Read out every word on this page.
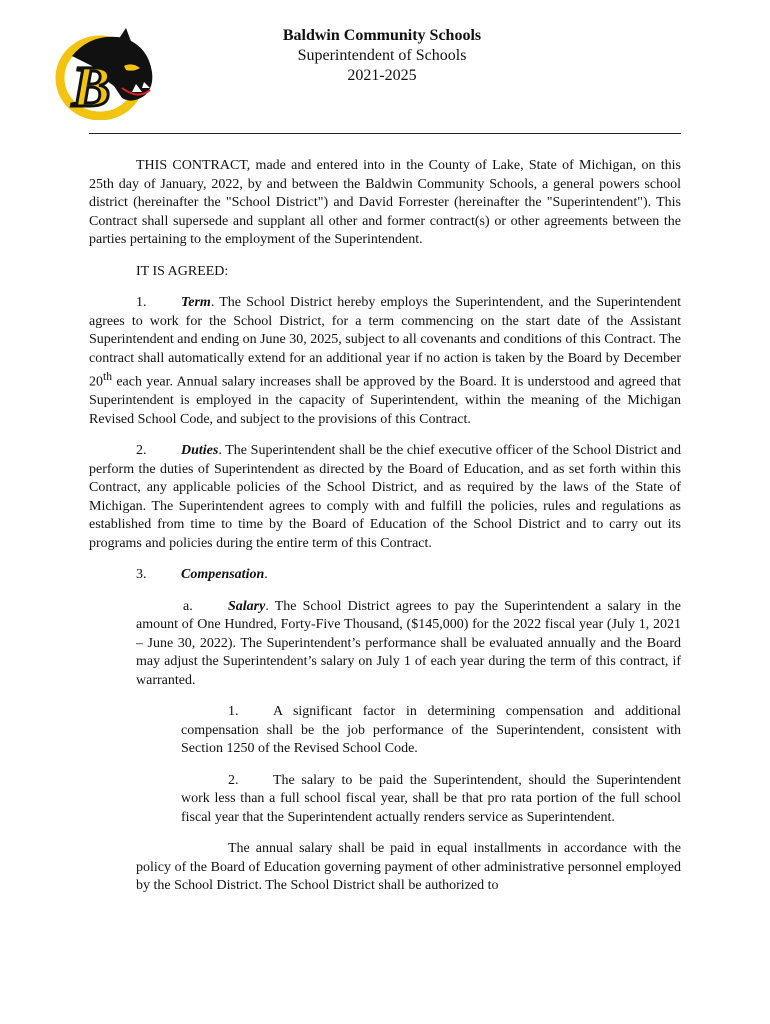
B
Baldwin Community Schools
Superintendent of Schools
2021-2025

THIS CONTRACT, made and entered into in the County of Lake, State of Michigan, on this 25th day of January, 2022, by and between the Baldwin Community Schools, a general powers school district (hereinafter the "School District") and David Forrester (hereinafter the "Superintendent"). This Contract shall supersede and supplant all other and former contract(s) or other agreements between the parties pertaining to the employment of the Superintendent.

IT IS AGREED:

1. Term. The School District hereby employs the Superintendent, and the Superintendent agrees to work for the School District, for a term commencing on the start date of the Assistant Superintendent and ending on June 30, 2025, subject to all covenants and conditions of this Contract. The contract shall automatically extend for an additional year if no action is taken by the Board by December 20th each year. Annual salary increases shall be approved by the Board. It is understood and agreed that Superintendent is employed in the capacity of Superintendent, within the meaning of the Michigan Revised School Code, and subject to the provisions of this Contract.

2. Duties. The Superintendent shall be the chief executive officer of the School District and perform the duties of Superintendent as directed by the Board of Education, and as set forth within this Contract, any applicable policies of the School District, and as required by the laws of the State of Michigan. The Superintendent agrees to comply with and fulfill the policies, rules and regulations as established from time to time by the Board of Education of the School District and to carry out its programs and policies during the entire term of this Contract.

3. Compensation.

a.	Salary. The School District agrees to pay the Superintendent a salary in the amount of One Hundred, Forty-Five Thousand, ($145,000) for the 2022 fiscal year (July 1, 2021 – June 30, 2022). The Superintendent’s performance shall be evaluated annually and the Board may adjust the Superintendent’s salary on July 1 of each year during the term of this contract, if warranted.

1. A significant factor in determining compensation and additional compensation shall be the job performance of the Superintendent, consistent with Section 1250 of the Revised School Code.

2. The salary to be paid the Superintendent, should the Superintendent work less than a full school fiscal year, shall be that pro rata portion of the full school fiscal year that the Superintendent actually renders service as Superintendent.

The annual salary shall be paid in equal installments in accordance with the policy of the Board of Education governing payment of other administrative personnel employed by the School District. The School District shall be authorized to
